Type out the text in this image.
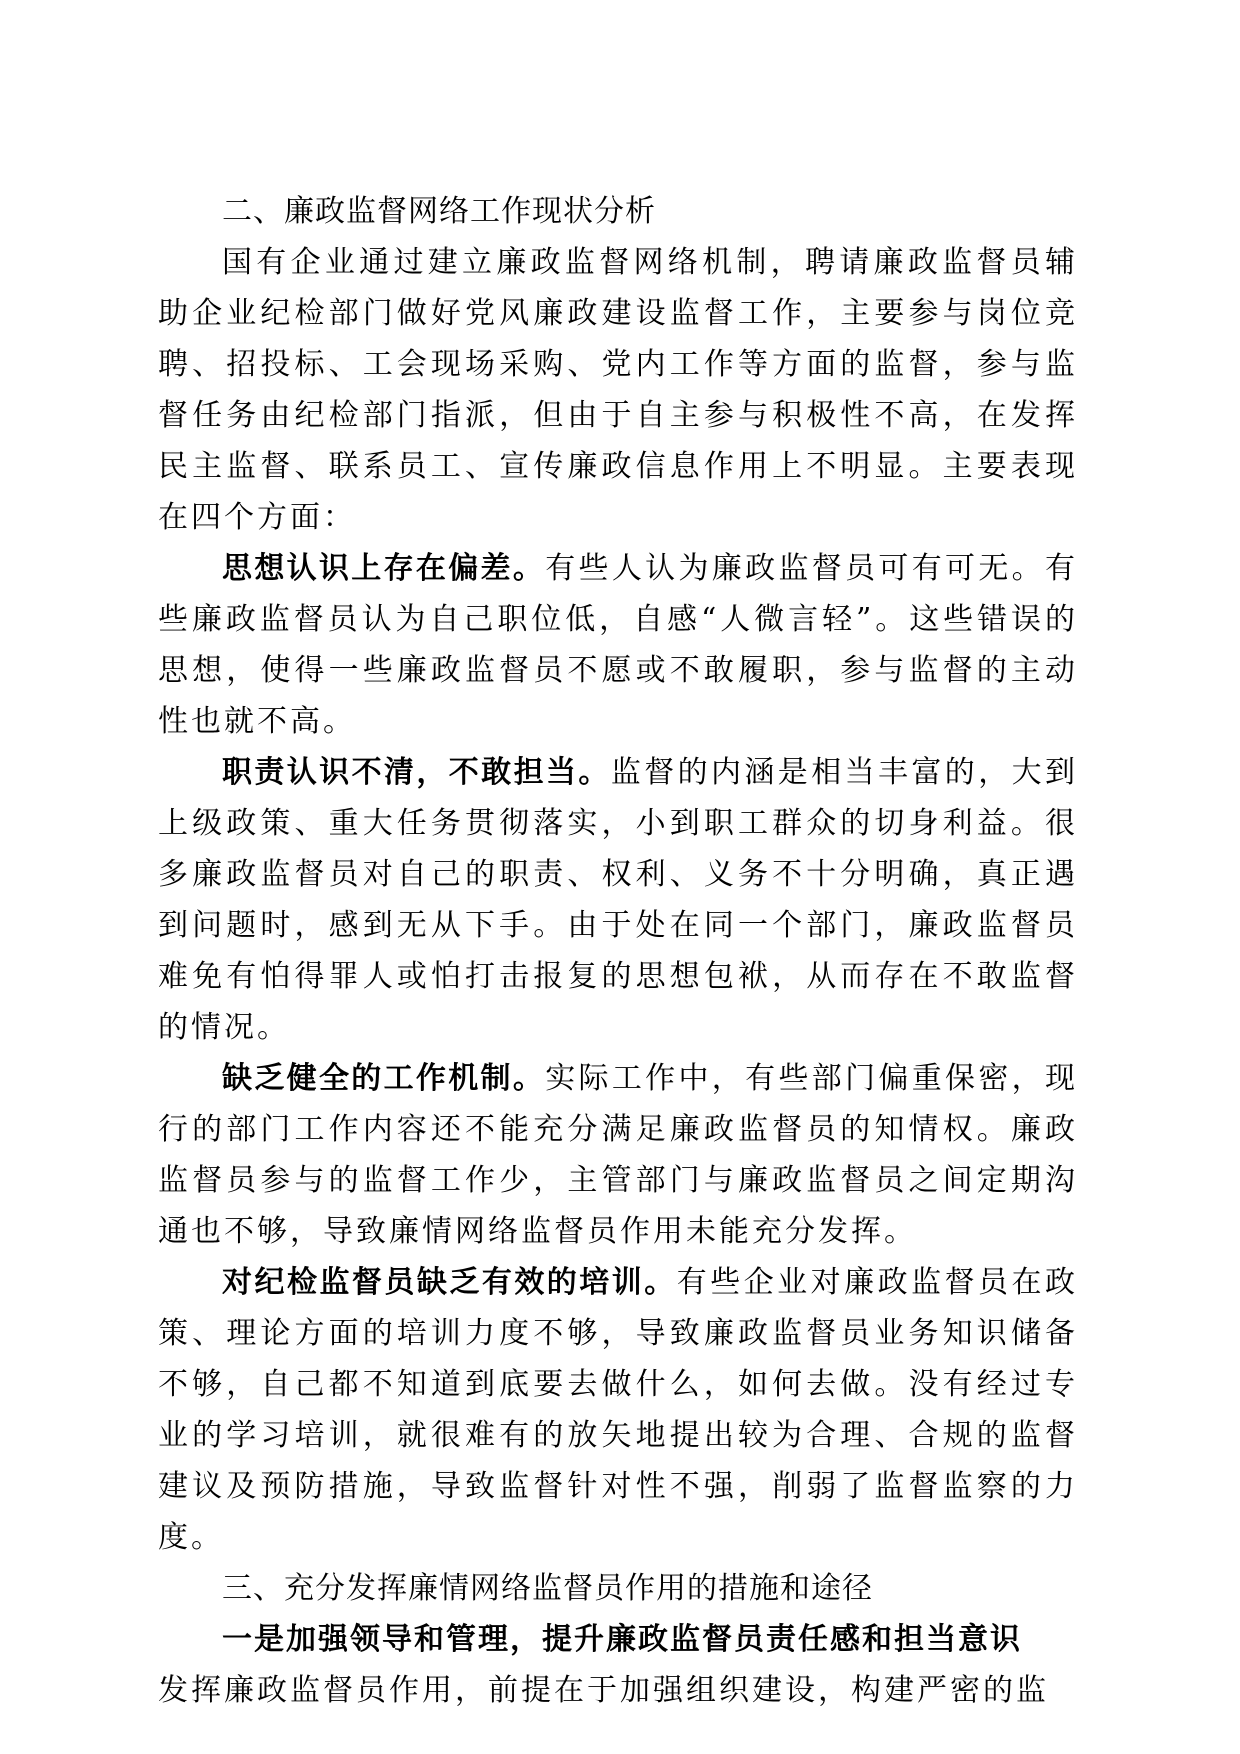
二、廉政监督网络工作现状分析

国有企业通过建立廉政监督网络机制，聘请廉政监督员辅助企业纪检部门做好党风廉政建设监督工作，主要参与岗位竞聘、招投标、工会现场采购、党内工作等方面的监督，参与监督任务由纪检部门指派，但由于自主参与积极性不高，在发挥民主监督、联系员工、宣传廉政信息作用上不明显。主要表现在四个方面：

思想认识上存在偏差。有些人认为廉政监督员可有可无。有些廉政监督员认为自己职位低，自感“人微言轻”。这些错误的思想，使得一些廉政监督员不愿或不敢履职，参与监督的主动性也就不高。

职责认识不清，不敢担当。监督的内涵是相当丰富的，大到上级政策、重大任务贯彻落实，小到职工群众的切身利益。很多廉政监督员对自己的职责、权利、义务不十分明确，真正遇到问题时，感到无从下手。由于处在同一个部门，廉政监督员难免有怕得罪人或怕打击报复的思想包袱，从而存在不敢监督的情况。

缺乏健全的工作机制。实际工作中，有些部门偏重保密，现行的部门工作内容还不能充分满足廉政监督员的知情权。廉政监督员参与的监督工作少，主管部门与廉政监督员之间定期沟通也不够，导致廉情网络监督员作用未能充分发挥。

对纪检监督员缺乏有效的培训。有些企业对廉政监督员在政策、理论方面的培训力度不够，导致廉政监督员业务知识储备不够，自己都不知道到底要去做什么，如何去做。没有经过专业的学习培训，就很难有的放矢地提出较为合理、合规的监督建议及预防措施，导致监督针对性不强，削弱了监督监察的力度。

三、充分发挥廉情网络监督员作用的措施和途径

一是加强领导和管理，提升廉政监督员责任感和担当意识

发挥廉政监督员作用，前提在于加强组织建设，构建严密的监
